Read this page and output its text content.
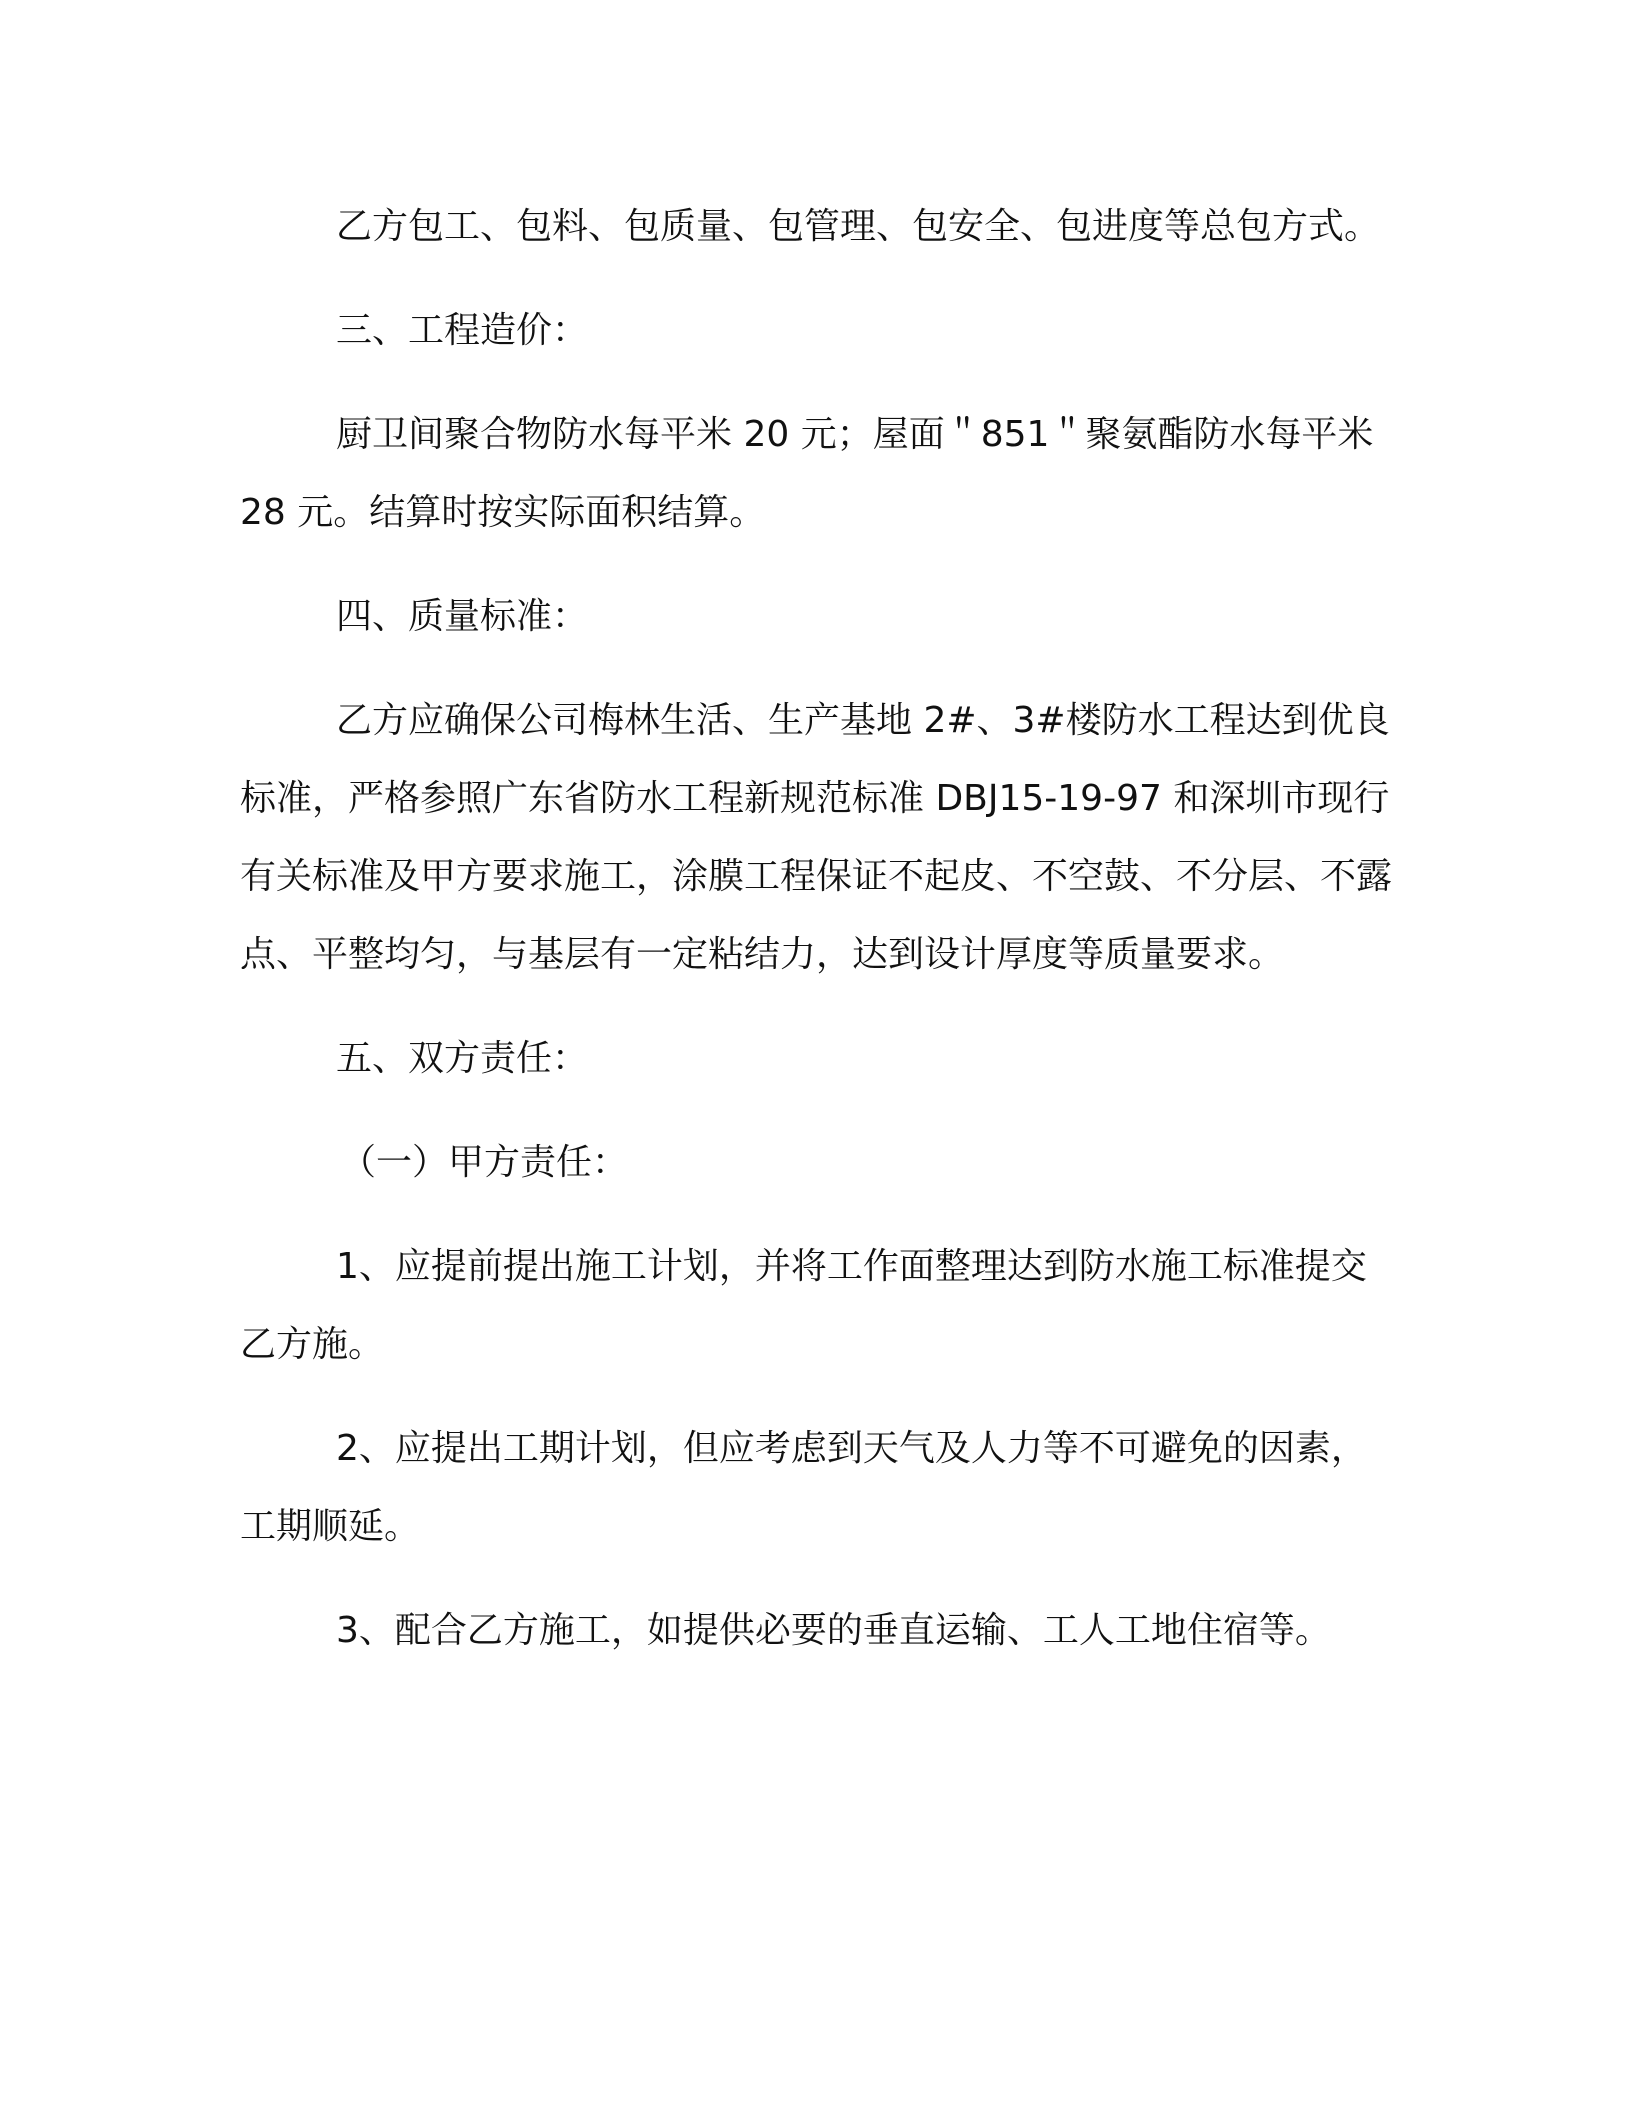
乙方包工、包料、包质量、包管理、包安全、包进度等总包方式。

三、工程造价：

厨卫间聚合物防水每平米 20 元；屋面＂851＂聚氨酯防水每平米 28 元。结算时按实际面积结算。

四、质量标准：

乙方应确保公司梅林生活、生产基地 2#、3#楼防水工程达到优良标准，严格参照广东省防水工程新规范标准 DBJ15-19-97 和深圳市现行有关标准及甲方要求施工，涂膜工程保证不起皮、不空鼓、不分层、不露点、平整均匀，与基层有一定粘结力，达到设计厚度等质量要求。

五、双方责任：

（一）甲方责任：

1、应提前提出施工计划，并将工作面整理达到防水施工标准提交乙方施。

2、应提出工期计划，但应考虑到天气及人力等不可避免的因素，工期顺延。

3、配合乙方施工，如提供必要的垂直运输、工人工地住宿等。
